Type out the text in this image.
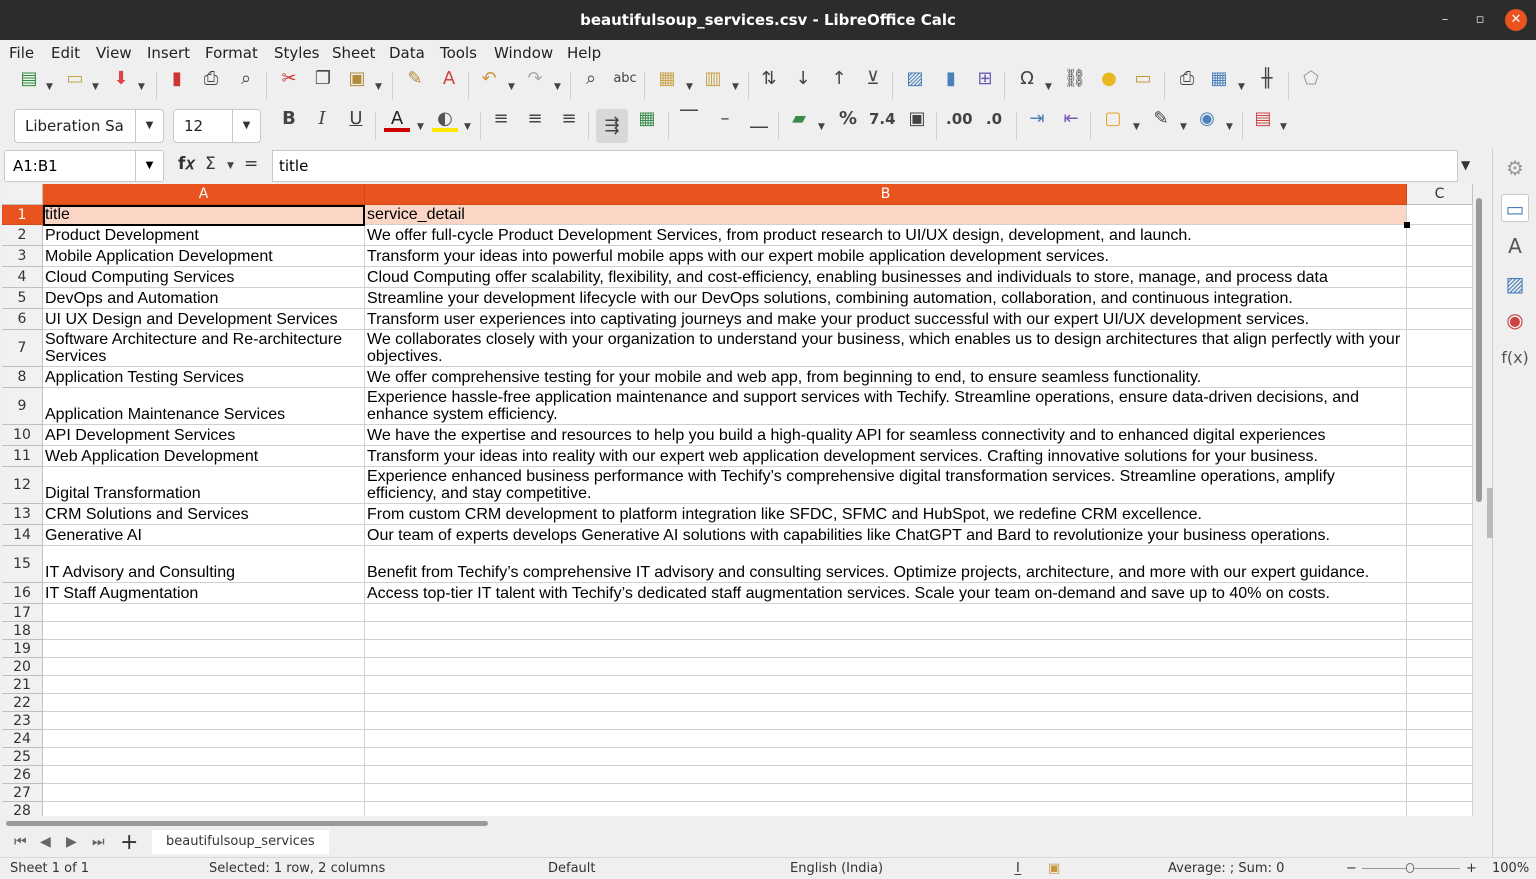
beautifulsoup_services.csv - LibreOffice Calc	–	▫	✕
File Edit View Insert Format Styles Sheet Data Tools Window Help
▤ ▼ ▭ ▼ ⬇	▼	▮	⎙	⌕	✂	❐ ▣	▼	✎	A	↶	▼ ↷	▼	⌕	abc ▦	▼ ▥	▼	⇅	↓	↑	⊻	▨	▮	⊞	Ω	▼ ⛓ ● ▭	⎙ ▦	▼ ╫	⬠
Liberation Sa	▼	12	▼	B	I	U	A	▼ ◐	▼	≡	≡	≡	⇶	▦ ⎺	–	⎽	▰	▼ % 7.4 ▣	.00 .0	⇥	⇤	▢	▼ ✎	▼ ◉	▼ ▤ ▼
A1:B1	▼	f𝑥 Σ ▼ =	title	▼
A	B	C
1	title	service_detail
2	Product Development	We offer full-cycle Product Development Services, from product research to UI/UX design, development, and launch.
3	Mobile Application Development	Transform your ideas into powerful mobile apps with our expert mobile application development services.
4	Cloud Computing Services	Cloud Computing offer scalability, flexibility, and cost-efficiency, enabling businesses and individuals to store, manage, and process data
5	DevOps and Automation	Streamline your development lifecycle with our DevOps solutions, combining automation, collaboration, and continuous integration.
6	UI UX Design and Development Services Transform user experiences into captivating journeys and make your product successful with our expert UI/UX development services.
7	Software Architecture and Re-architecture Services
We collaborates closely with your organization to understand your business, which enables us to design architectures that align perfectly with your objectives.
8	Application Testing Services	We offer comprehensive testing for your mobile and web app, from beginning to end, to ensure seamless functionality.
9	Application Maintenance Services
Experience hassle-free application maintenance and support services with Techify. Streamline operations, ensure data-driven decisions, and enhance system efficiency.
10 API Development Services	We have the expertise and resources to help you build a high-quality API for seamless connectivity and to enhanced digital experiences
11 Web Application Development	Transform your ideas into reality with our expert web application development services. Crafting innovative solutions for your business.
12 Digital Transformation
Experience enhanced business performance with Techify’s comprehensive digital transformation services. Streamline operations, amplify efficiency, and stay competitive.
13 CRM Solutions and Services	From custom CRM development to platform integration like SFDC, SFMC and HubSpot, we redefine CRM excellence.
14 Generative AI	Our team of experts develops Generative AI solutions with capabilities like ChatGPT and Bard to revolutionize your business operations.
15 IT Advisory and Consulting	Benefit from Techify’s comprehensive IT advisory and consulting services. Optimize projects, architecture, and more with our expert guidance.
16 IT Staff Augmentation	Access top-tier IT talent with Techify’s dedicated staff augmentation services. Scale your team on-demand and save up to 40% on costs.
17
18
19
20
21
22
23
24
25
26
27
28
⏮ ◀ ▶ ⏭ +	beautifulsoup_services
Sheet 1 of 1	Selected: 1 row, 2 columns	Default	English (India)	I̲ ▣	Average: ; Sum: 0	−	+ 100%
⚙
▭
A
▨
◉
f(x)
